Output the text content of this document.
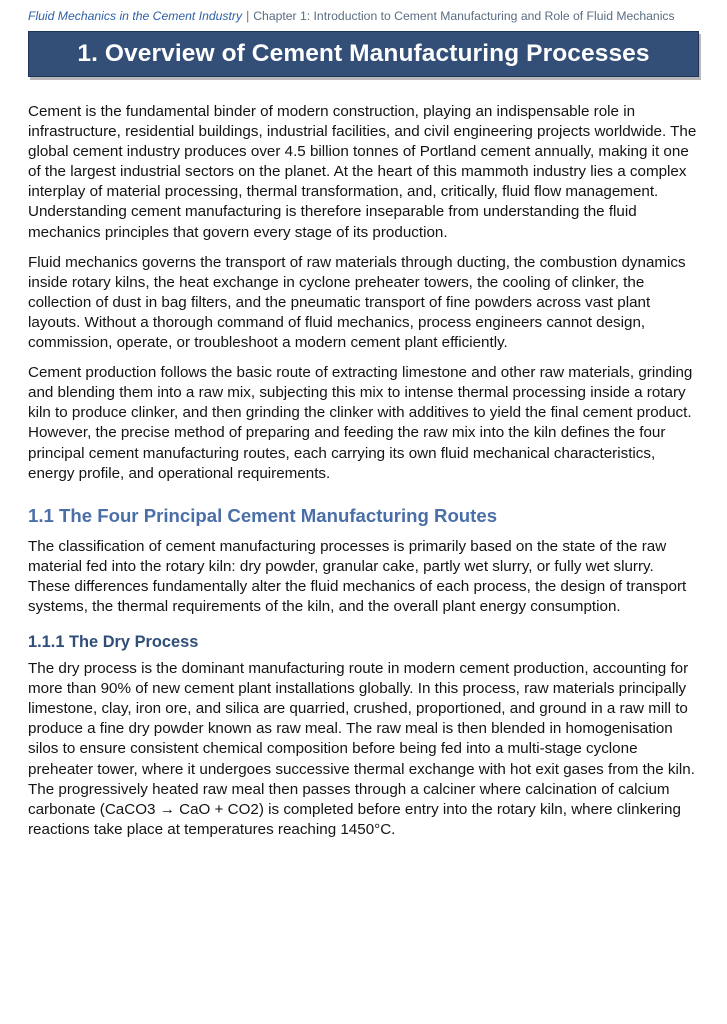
Fluid Mechanics in the Cement Industry | Chapter 1: Introduction to Cement Manufacturing and Role of Fluid Mechanics
1. Overview of Cement Manufacturing Processes

Cement is the fundamental binder of modern construction, playing an indispensable role in infrastructure, residential buildings, industrial facilities, and civil engineering projects worldwide. The global cement industry produces over 4.5 billion tonnes of Portland cement annually, making it one of the largest industrial sectors on the planet. At the heart of this mammoth industry lies a complex interplay of material processing, thermal transformation, and, critically, fluid flow management. Understanding cement manufacturing is therefore inseparable from understanding the fluid mechanics principles that govern every stage of its production.

Fluid mechanics governs the transport of raw materials through ducting, the combustion dynamics inside rotary kilns, the heat exchange in cyclone preheater towers, the cooling of clinker, the collection of dust in bag filters, and the pneumatic transport of fine powders across vast plant layouts. Without a thorough command of fluid mechanics, process engineers cannot design, commission, operate, or troubleshoot a modern cement plant efficiently.

Cement production follows the basic route of extracting limestone and other raw materials, grinding and blending them into a raw mix, subjecting this mix to intense thermal processing inside a rotary kiln to produce clinker, and then grinding the clinker with additives to yield the final cement product. However, the precise method of preparing and feeding the raw mix into the kiln defines the four principal cement manufacturing routes, each carrying its own fluid mechanical characteristics, energy profile, and operational requirements.

1.1 The Four Principal Cement Manufacturing Routes

The classification of cement manufacturing processes is primarily based on the state of the raw material fed into the rotary kiln: dry powder, granular cake, partly wet slurry, or fully wet slurry. These differences fundamentally alter the fluid mechanics of each process, the design of transport systems, the thermal requirements of the kiln, and the overall plant energy consumption.

1.1.1 The Dry Process

The dry process is the dominant manufacturing route in modern cement production, accounting for more than 90% of new cement plant installations globally. In this process, raw materials principally limestone, clay, iron ore, and silica are quarried, crushed, proportioned, and ground in a raw mill to produce a fine dry powder known as raw meal. The raw meal is then blended in homogenisation silos to ensure consistent chemical composition before being fed into a multi-stage cyclone preheater tower, where it undergoes successive thermal exchange with hot exit gases from the kiln. The progressively heated raw meal then passes through a calciner where calcination of calcium carbonate (CaCO3 → CaO + CO2) is completed before entry into the rotary kiln, where clinkering reactions take place at temperatures reaching 1450°C.
